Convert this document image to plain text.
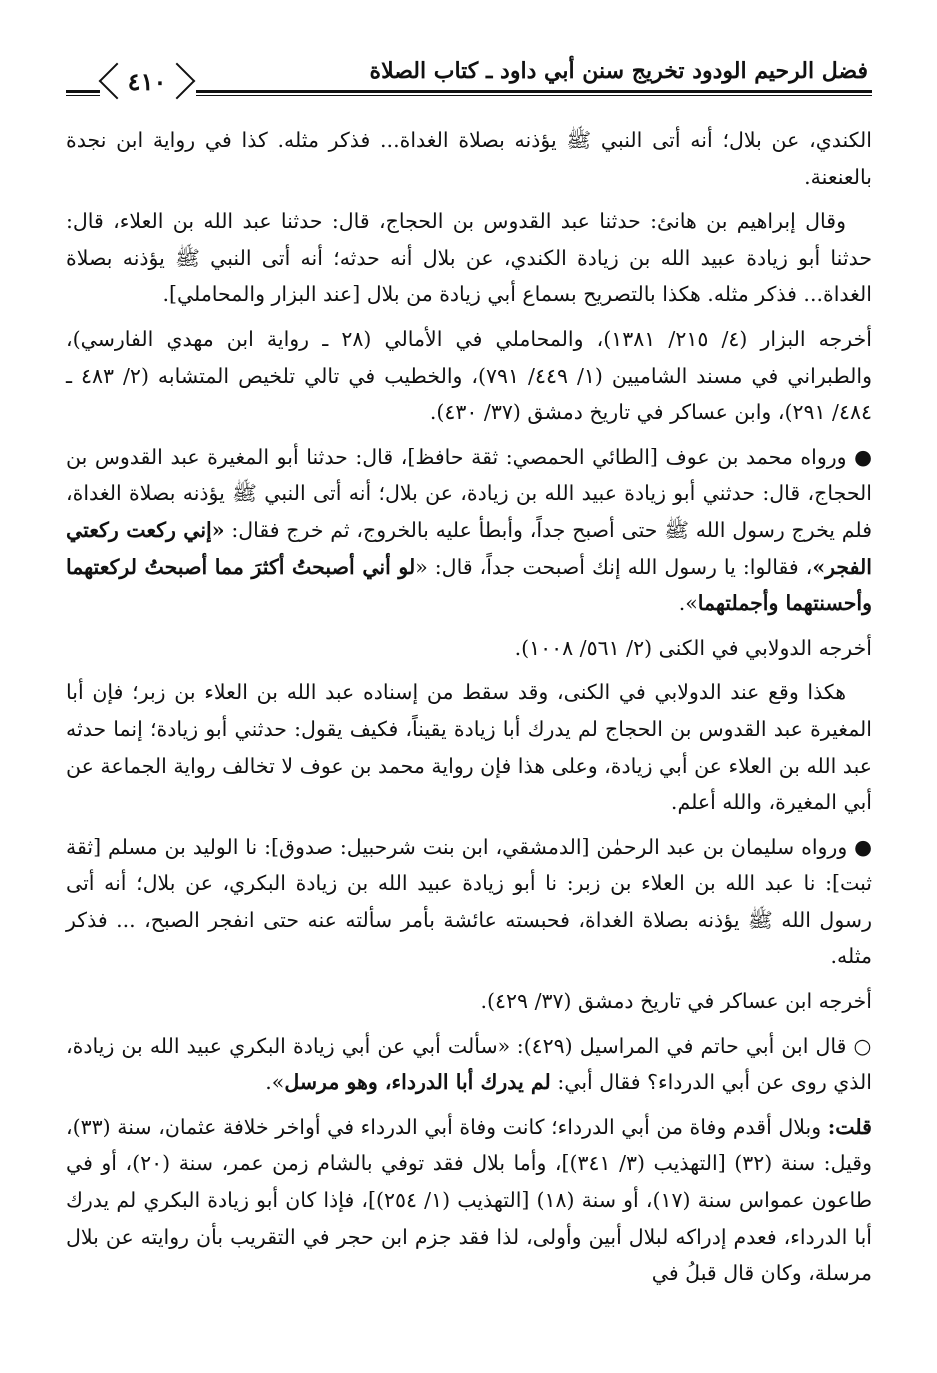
فضل الرحيم الودود تخريج سنن أبي داود ـ كتاب الصلاة
٤١٠

الكندي، عن بلال؛ أنه أتى النبي ﷺ يؤذنه بصلاة الغداة... فذكر مثله. كذا في رواية ابن نجدة بالعنعنة.

وقال إبراهيم بن هانئ: حدثنا عبد القدوس بن الحجاج، قال: حدثنا عبد الله بن العلاء، قال: حدثنا أبو زيادة عبيد الله بن زيادة الكندي، عن بلال أنه حدثه؛ أنه أتى النبي ﷺ يؤذنه بصلاة الغداة... فذكر مثله. هكذا بالتصريح بسماع أبي زيادة من بلال [عند البزار والمحاملي].

أخرجه البزار (٤/ ٢١٥/ ١٣٨١)، والمحاملي في الأمالي (٢٨ ـ رواية ابن مهدي الفارسي)، والطبراني في مسند الشاميين (١/ ٤٤٩/ ٧٩١)، والخطيب في تالي تلخيص المتشابه (٢/ ٤٨٣ ـ ٤٨٤/ ٢٩١)، وابن عساكر في تاريخ دمشق (٣٧/ ٤٣٠).

● ورواه محمد بن عوف [الطائي الحمصي: ثقة حافظ]، قال: حدثنا أبو المغيرة عبد القدوس بن الحجاج، قال: حدثني أبو زيادة عبيد الله بن زيادة، عن بلال؛ أنه أتى النبي ﷺ يؤذنه بصلاة الغداة، فلم يخرج رسول الله ﷺ حتى أصبح جداً، وأبطأ عليه بالخروج، ثم خرج فقال: «إني ركعت ركعتي الفجر»، فقالوا: يا رسول الله إنك أصبحت جداً، قال: «لو أني أصبحتُ أكثرَ مما أصبحتُ لركعتهما وأحسنتهما وأجملتهما».

أخرجه الدولابي في الكنى (٢/ ٥٦١/ ١٠٠٨).

هكذا وقع عند الدولابي في الكنى، وقد سقط من إسناده عبد الله بن العلاء بن زبر؛ فإن أبا المغيرة عبد القدوس بن الحجاج لم يدرك أبا زيادة يقيناً، فكيف يقول: حدثني أبو زيادة؛ إنما حدثه عبد الله بن العلاء عن أبي زيادة، وعلى هذا فإن رواية محمد بن عوف لا تخالف رواية الجماعة عن أبي المغيرة، والله أعلم.

● ورواه سليمان بن عبد الرحمٰن [الدمشقي، ابن بنت شرحبيل: صدوق]: نا الوليد بن مسلم [ثقة ثبت]: نا عبد الله بن العلاء بن زبر: نا أبو زيادة عبيد الله بن زيادة البكري، عن بلال؛ أنه أتى رسول الله ﷺ يؤذنه بصلاة الغداة، فحبسته عائشة بأمر سألته عنه حتى انفجر الصبح، ... فذكر مثله.

أخرجه ابن عساكر في تاريخ دمشق (٣٧/ ٤٢٩).

○ قال ابن أبي حاتم في المراسيل (٤٢٩): «سألت أبي عن أبي زيادة البكري عبيد الله بن زيادة، الذي روى عن أبي الدرداء؟ فقال أبي: لم يدرك أبا الدرداء، وهو مرسل».

قلت: وبلال أقدم وفاة من أبي الدرداء؛ كانت وفاة أبي الدرداء في أواخر خلافة عثمان، سنة (٣٣)، وقيل: سنة (٣٢) [التهذيب (٣/ ٣٤١)]، وأما بلال فقد توفي بالشام زمن عمر، سنة (٢٠)، أو في طاعون عمواس سنة (١٧)، أو سنة (١٨) [التهذيب (١/ ٢٥٤)]، فإذا كان أبو زيادة البكري لم يدرك أبا الدرداء، فعدم إدراكه لبلال أبين وأولى، لذا فقد جزم ابن حجر في التقريب بأن روايته عن بلال مرسلة، وكان قال قبلُ في
